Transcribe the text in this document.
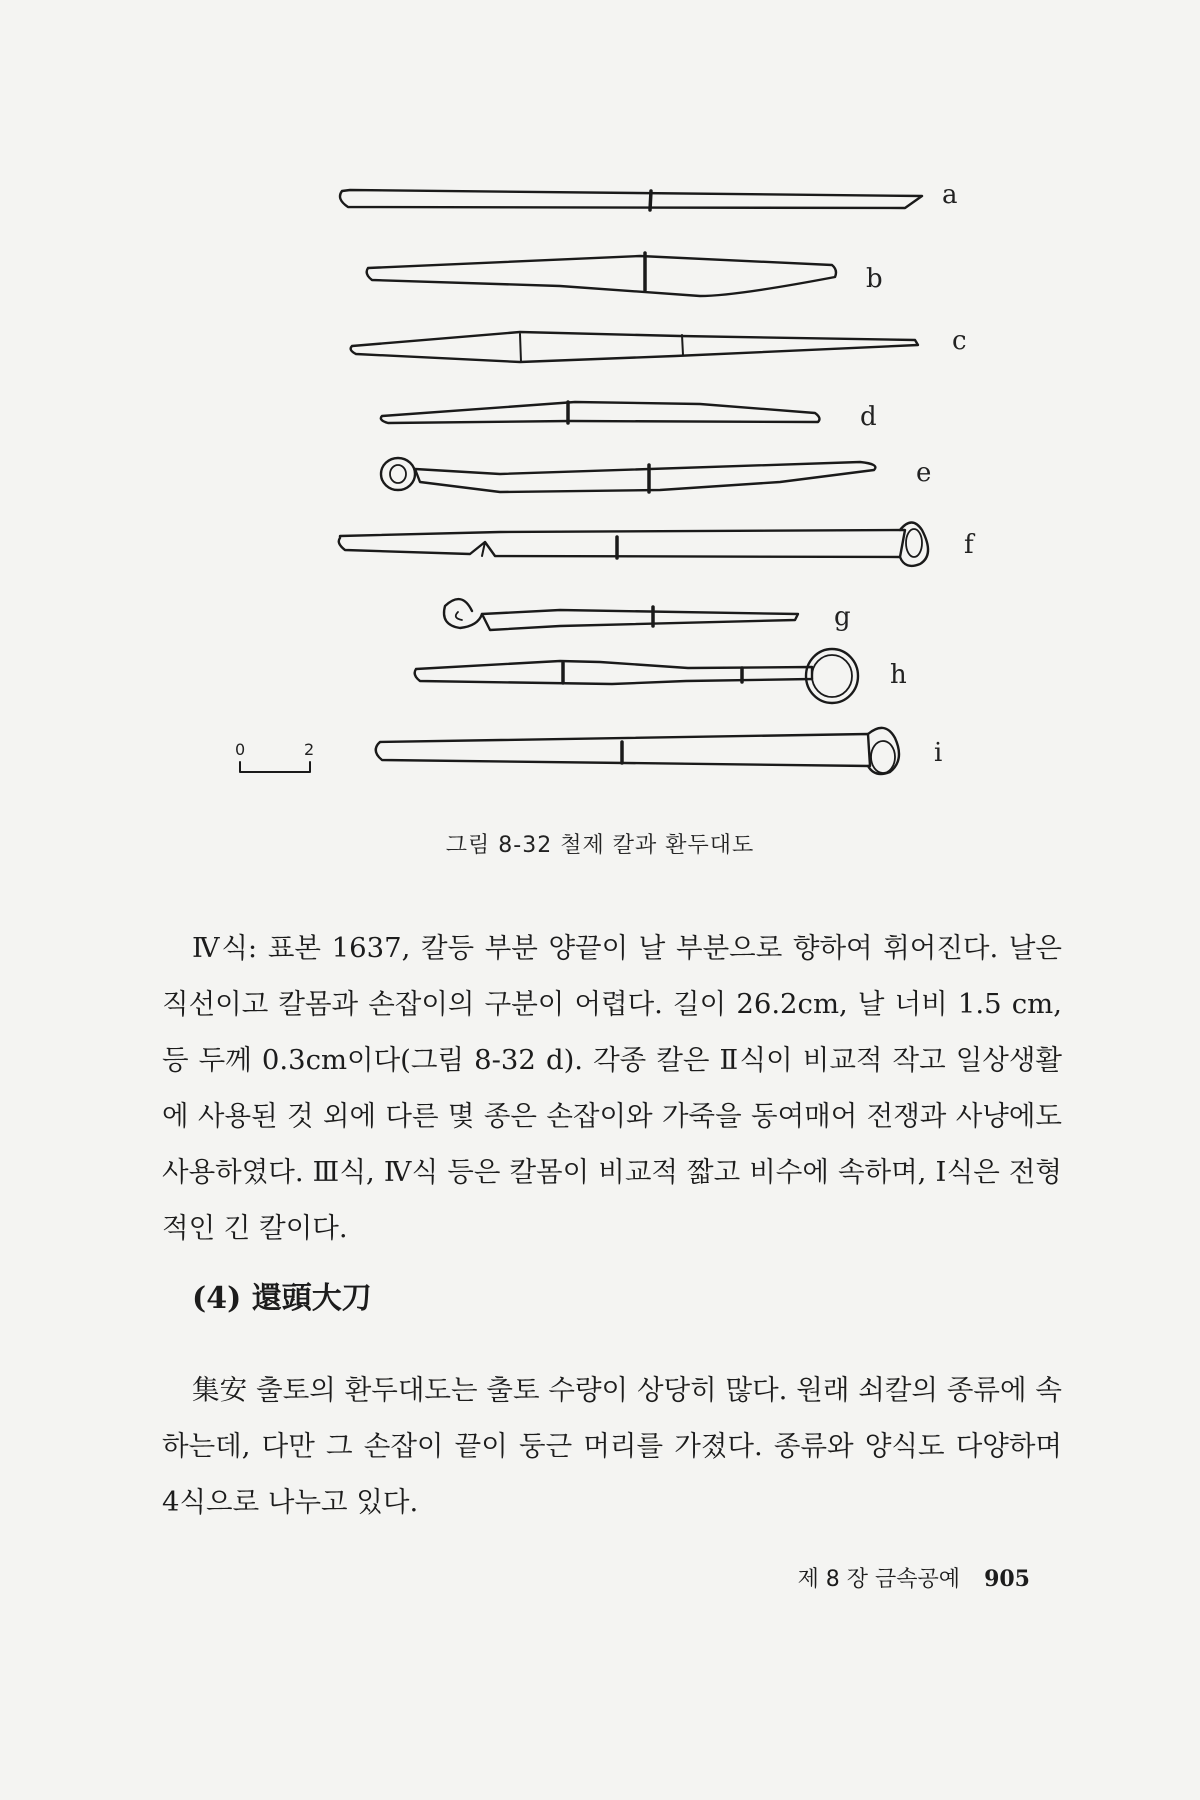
a
b
c
d
e
f
g
h
i
0	2
그림 8-32 철제 칼과 환두대도

Ⅳ식: 표본 1637, 칼등 부분 양끝이 날 부분으로 향하여 휘어진다. 날은 직선이고 칼몸과 손잡이의 구분이 어렵다. 길이 26.2cm, 날 너비 1.5 cm, 등 두께 0.3cm이다(그림 8-32 d). 각종 칼은 Ⅱ식이 비교적 작고 일상생활에 사용된 것 외에 다른 몇 종은 손잡이와 가죽을 동여매어 전쟁과 사냥에도 사용하였다. Ⅲ식, Ⅳ식 등은 칼몸이 비교적 짧고 비수에 속하며, Ⅰ식은 전형적인 긴 칼이다.

(4) 還頭大刀

集安 출토의 환두대도는 출토 수량이 상당히 많다. 원래 쇠칼의 종류에 속하는데, 다만 그 손잡이 끝이 둥근 머리를 가졌다. 종류와 양식도 다양하며 4식으로 나누고 있다.

제 8 장 금속공예 905
